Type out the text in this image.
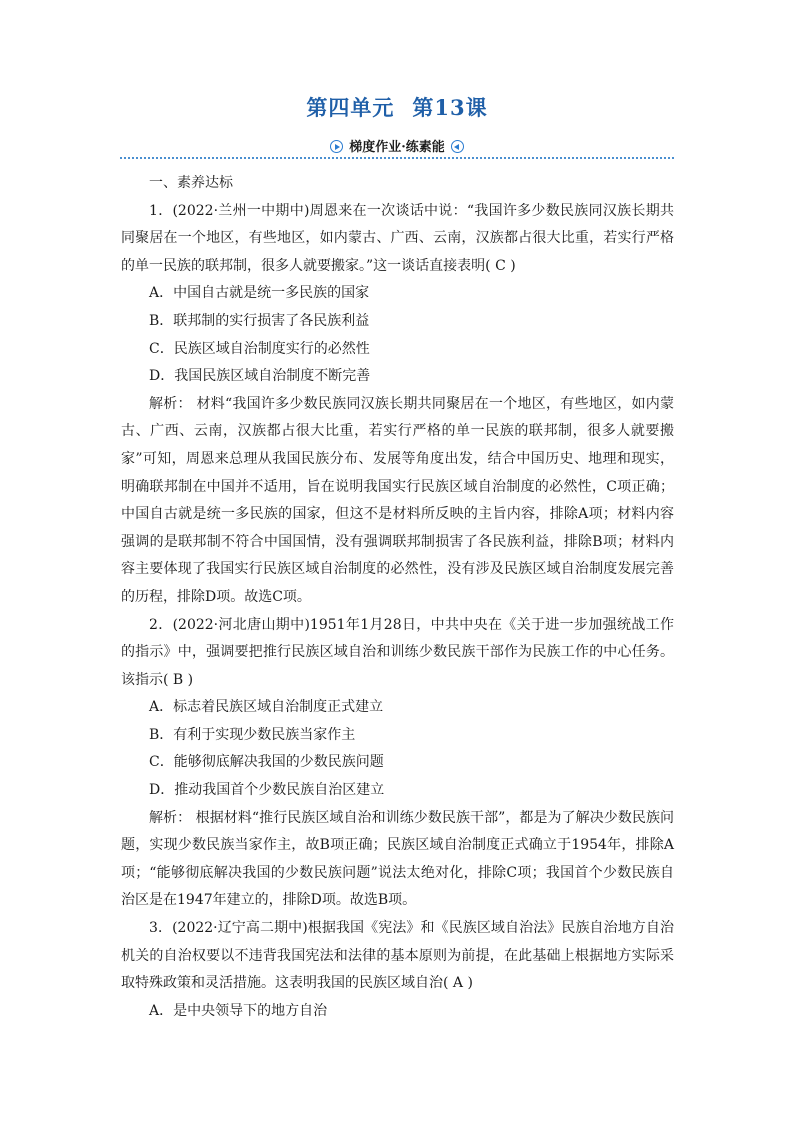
第四单元 第13课
梯度作业·练素能

一、素养达标

1．(2022·兰州一中期中)周恩来在一次谈话中说：“我国许多少数民族同汉族长期共同聚居在一个地区，有些地区，如内蒙古、广西、云南，汉族都占很大比重，若实行严格的单一民族的联邦制，很多人就要搬家。”这一谈话直接表明( C )

A．中国自古就是统一多民族的国家

B．联邦制的实行损害了各民族利益

C．民族区域自治制度实行的必然性

D．我国民族区域自治制度不断完善

解析： 材料“我国许多少数民族同汉族长期共同聚居在一个地区，有些地区，如内蒙古、广西、云南，汉族都占很大比重，若实行严格的单一民族的联邦制，很多人就要搬家”可知，周恩来总理从我国民族分布、发展等角度出发，结合中国历史、地理和现实，明确联邦制在中国并不适用，旨在说明我国实行民族区域自治制度的必然性，C项正确；中国自古就是统一多民族的国家，但这不是材料所反映的主旨内容，排除A项；材料内容强调的是联邦制不符合中国国情，没有强调联邦制损害了各民族利益，排除B项；材料内容主要体现了我国实行民族区域自治制度的必然性，没有涉及民族区域自治制度发展完善的历程，排除D项。故选C项。

2．(2022·河北唐山期中)1951年1月28日，中共中央在《关于进一步加强统战工作的指示》中，强调要把推行民族区域自治和训练少数民族干部作为民族工作的中心任务。该指示( B )

A．标志着民族区域自治制度正式建立

B．有利于实现少数民族当家作主

C．能够彻底解决我国的少数民族问题

D．推动我国首个少数民族自治区建立

解析： 根据材料“推行民族区域自治和训练少数民族干部”，都是为了解决少数民族问题，实现少数民族当家作主，故B项正确；民族区域自治制度正式确立于1954年，排除A项；“能够彻底解决我国的少数民族问题”说法太绝对化，排除C项；我国首个少数民族自治区是在1947年建立的，排除D项。故选B项。

3．(2022·辽宁高二期中)根据我国《宪法》和《民族区域自治法》民族自治地方自治机关的自治权要以不违背我国宪法和法律的基本原则为前提，在此基础上根据地方实际采取特殊政策和灵活措施。这表明我国的民族区域自治( A )

A．是中央领导下的地方自治
